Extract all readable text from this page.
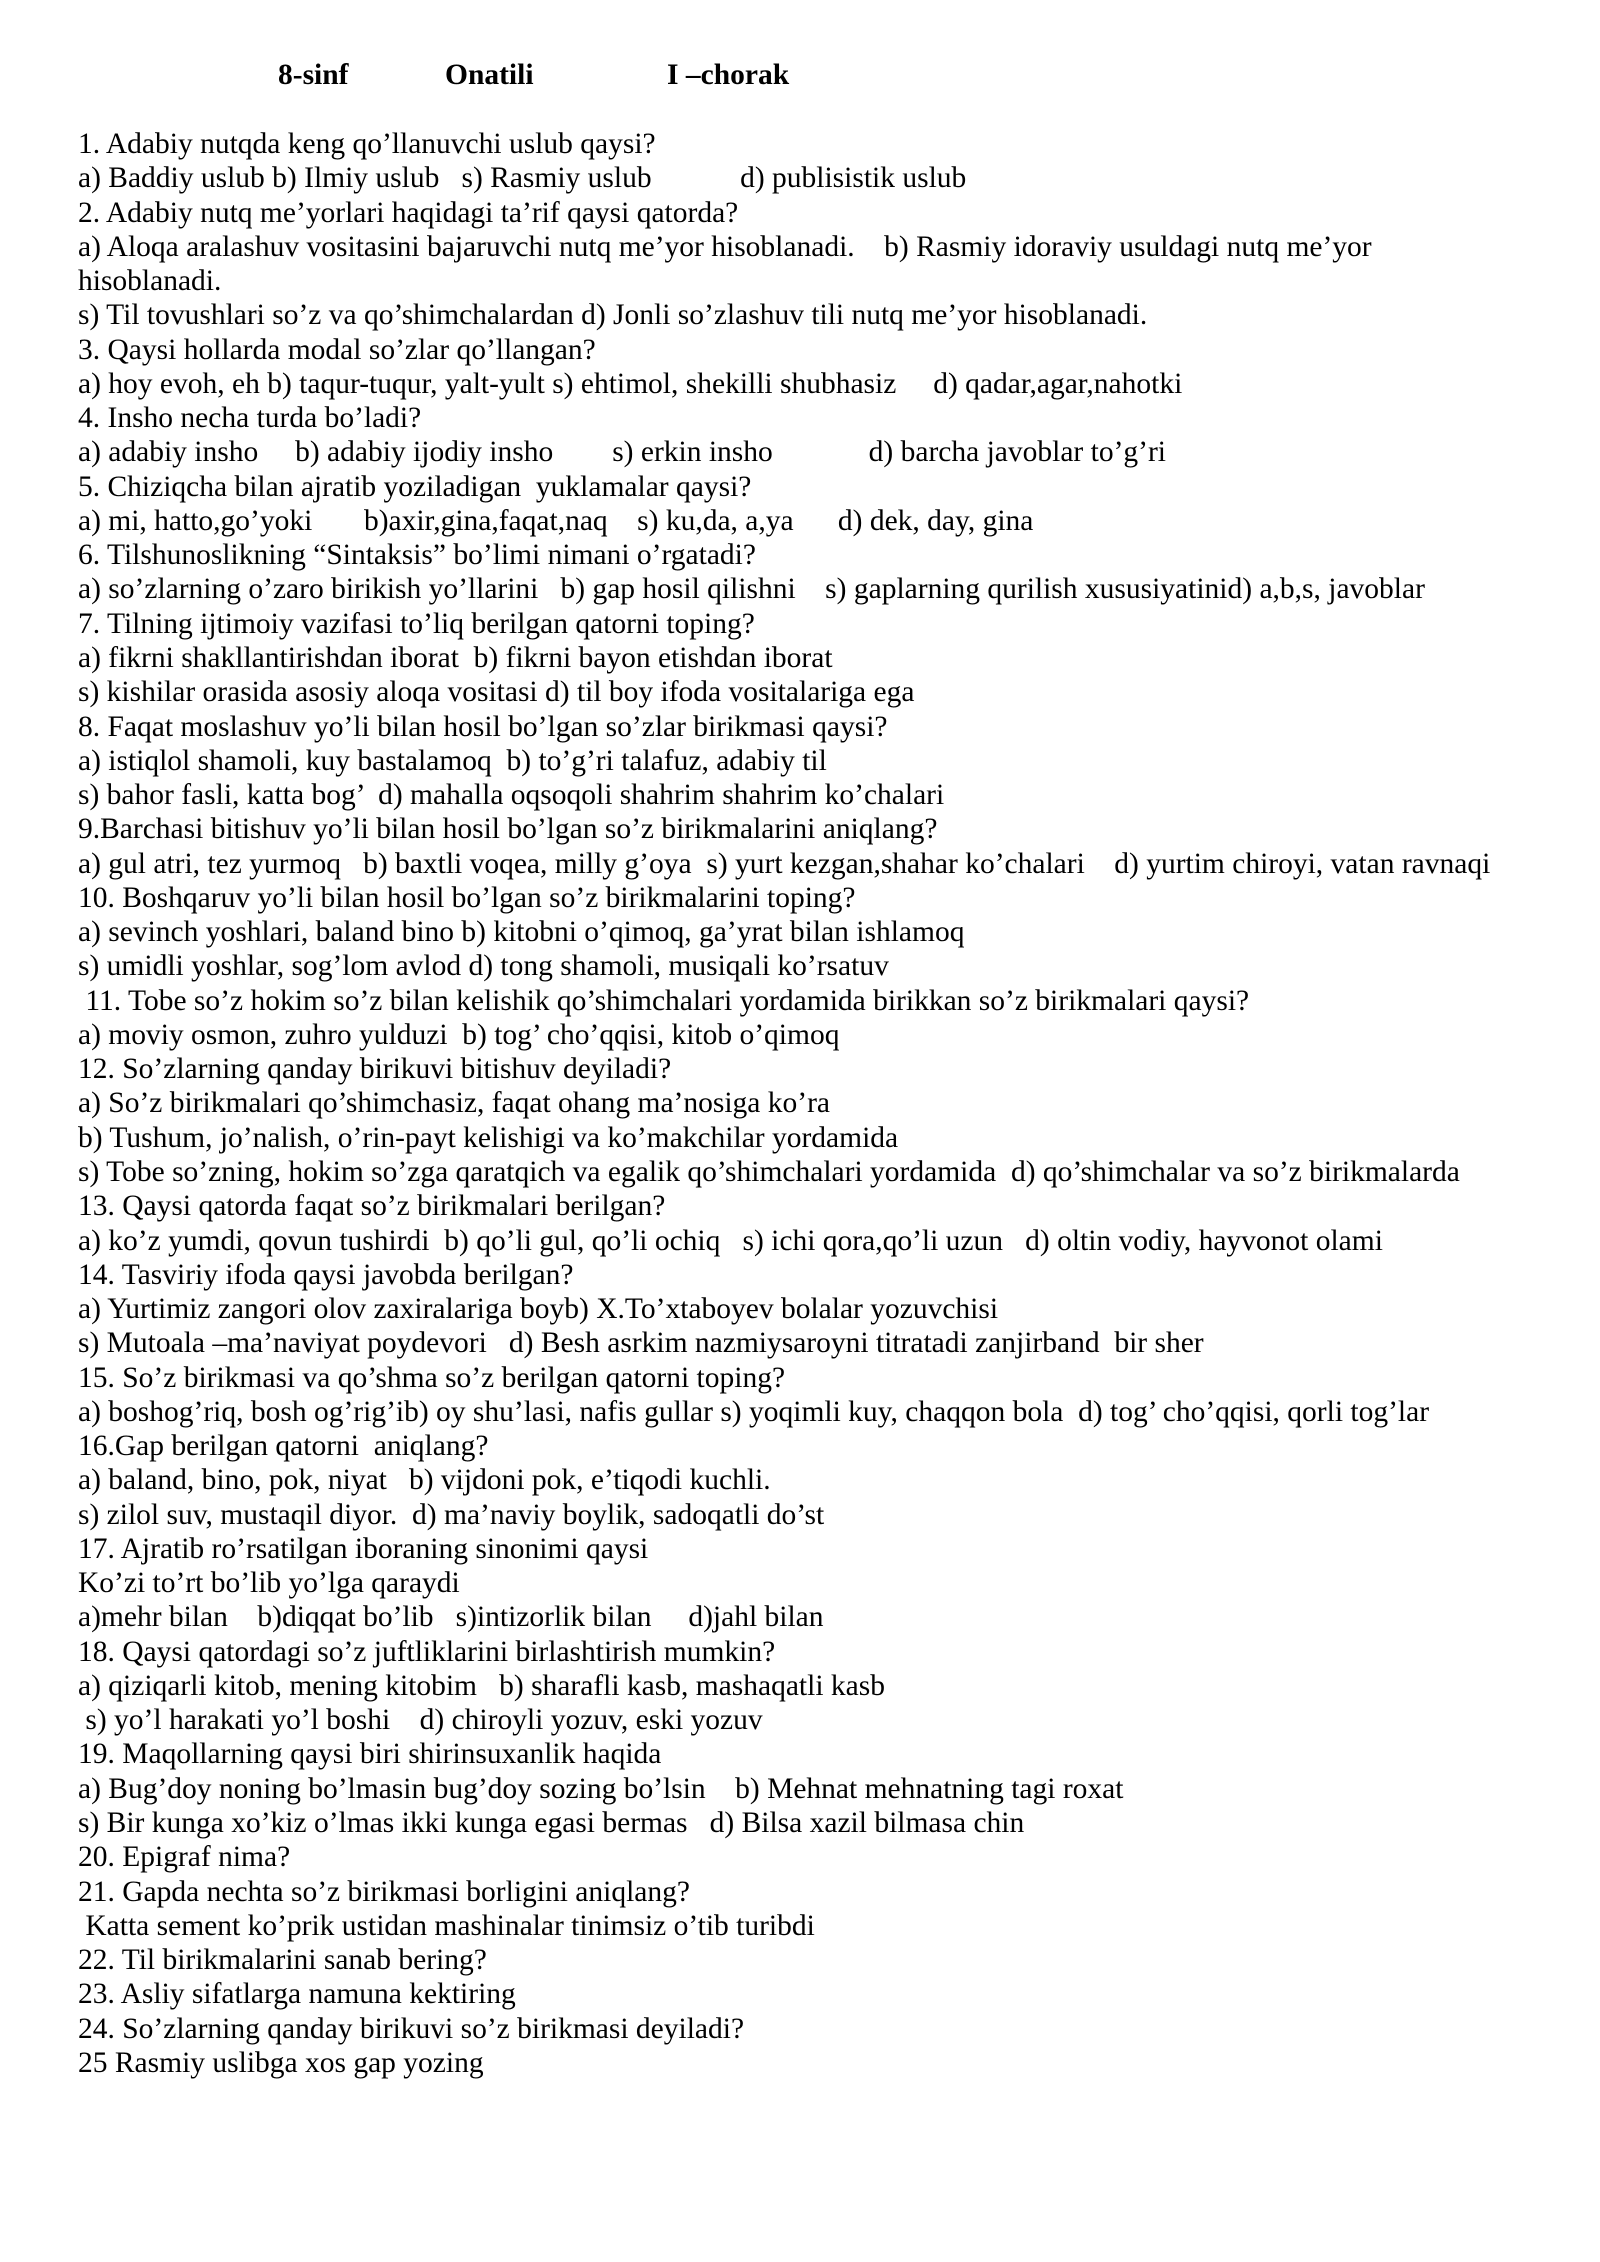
8-sinf	Onatili	I –chorak
1. Adabiy nutqda keng qo’llanuvchi uslub qaysi?
a) Baddiy uslub b) Ilmiy uslub   s) Rasmiy uslub            d) publisistik uslub
2. Adabiy nutq me’yorlari haqidagi ta’rif qaysi qatorda?
a) Aloqa aralashuv vositasini bajaruvchi nutq me’yor hisoblanadi.    b) Rasmiy idoraviy usuldagi nutq me’yor
hisoblanadi.
s) Til tovushlari so’z va qo’shimchalardan d) Jonli so’zlashuv tili nutq me’yor hisoblanadi.
3. Qaysi hollarda modal so’zlar qo’llangan?
a) hoy evoh, eh b) taqur-tuqur, yalt-yult s) ehtimol, shekilli shubhasiz     d) qadar,agar,nahotki
4. Insho necha turda bo’ladi?
a) adabiy insho     b) adabiy ijodiy insho        s) erkin insho             d) barcha javoblar to’g’ri
5. Chiziqcha bilan ajratib yoziladigan  yuklamalar qaysi?
a) mi, hatto,go’yoki       b)axir,gina,faqat,naq    s) ku,da, a,ya      d) dek, day, gina
6. Tilshunoslikning “Sintaksis” bo’limi nimani o’rgatadi?
a) so’zlarning o’zaro birikish yo’llarini   b) gap hosil qilishni    s) gaplarning qurilish xususiyatinid) a,b,s, javoblar
7. Tilning ijtimoiy vazifasi to’liq berilgan qatorni toping?
a) fikrni shakllantirishdan iborat  b) fikrni bayon etishdan iborat
s) kishilar orasida asosiy aloqa vositasi d) til boy ifoda vositalariga ega
8. Faqat moslashuv yo’li bilan hosil bo’lgan so’zlar birikmasi qaysi?
a) istiqlol shamoli, kuy bastalamoq  b) to’g’ri talafuz, adabiy til
s) bahor fasli, katta bog’  d) mahalla oqsoqoli shahrim shahrim ko’chalari
9.Barchasi bitishuv yo’li bilan hosil bo’lgan so’z birikmalarini aniqlang?
a) gul atri, tez yurmoq   b) baxtli voqea, milly g’oya  s) yurt kezgan,shahar ko’chalari    d) yurtim chiroyi, vatan ravnaqi
10. Boshqaruv yo’li bilan hosil bo’lgan so’z birikmalarini toping?
a) sevinch yoshlari, baland bino b) kitobni o’qimoq, ga’yrat bilan ishlamoq
s) umidli yoshlar, sog’lom avlod d) tong shamoli, musiqali ko’rsatuv
11. Tobe so’z hokim so’z bilan kelishik qo’shimchalari yordamida birikkan so’z birikmalari qaysi?
a) moviy osmon, zuhro yulduzi  b) tog’ cho’qqisi, kitob o’qimoq
12. So’zlarning qanday birikuvi bitishuv deyiladi?
a) So’z birikmalari qo’shimchasiz, faqat ohang ma’nosiga ko’ra
b) Tushum, jo’nalish, o’rin-payt kelishigi va ko’makchilar yordamida
s) Tobe so’zning, hokim so’zga qaratqich va egalik qo’shimchalari yordamida  d) qo’shimchalar va so’z birikmalarda
13. Qaysi qatorda faqat so’z birikmalari berilgan?
a) ko’z yumdi, qovun tushirdi  b) qo’li gul, qo’li ochiq   s) ichi qora,qo’li uzun   d) oltin vodiy, hayvonot olami
14. Tasviriy ifoda qaysi javobda berilgan?
a) Yurtimiz zangori olov zaxiralariga boyb) X.To’xtaboyev bolalar yozuvchisi
s) Mutoala –ma’naviyat poydevori   d) Besh asrkim nazmiysaroyni titratadi zanjirband  bir sher
15. So’z birikmasi va qo’shma so’z berilgan qatorni toping?
a) boshog’riq, bosh og’rig’ib) oy shu’lasi, nafis gullar s) yoqimli kuy, chaqqon bola  d) tog’ cho’qqisi, qorli tog’lar
16.Gap berilgan qatorni  aniqlang?
a) baland, bino, pok, niyat   b) vijdoni pok, e’tiqodi kuchli.
s) zilol suv, mustaqil diyor.  d) ma’naviy boylik, sadoqatli do’st
17. Ajratib ro’rsatilgan iboraning sinonimi qaysi
Ko’zi to’rt bo’lib yo’lga qaraydi
a)mehr bilan    b)diqqat bo’lib   s)intizorlik bilan     d)jahl bilan
18. Qaysi qatordagi so’z juftliklarini birlashtirish mumkin?
a) qiziqarli kitob, mening kitobim   b) sharafli kasb, mashaqatli kasb
s) yo’l harakati yo’l boshi    d) chiroyli yozuv, eski yozuv
19. Maqollarning qaysi biri shirinsuxanlik haqida
a) Bug’doy noning bo’lmasin bug’doy sozing bo’lsin    b) Mehnat mehnatning tagi roxat
s) Bir kunga xo’kiz o’lmas ikki kunga egasi bermas   d) Bilsa xazil bilmasa chin
20. Epigraf nima?
21. Gapda nechta so’z birikmasi borligini aniqlang?
Katta sement ko’prik ustidan mashinalar tinimsiz o’tib turibdi
22. Til birikmalarini sanab bering?
23. Asliy sifatlarga namuna kektiring
24. So’zlarning qanday birikuvi so’z birikmasi deyiladi?
25 Rasmiy uslibga xos gap yozing
